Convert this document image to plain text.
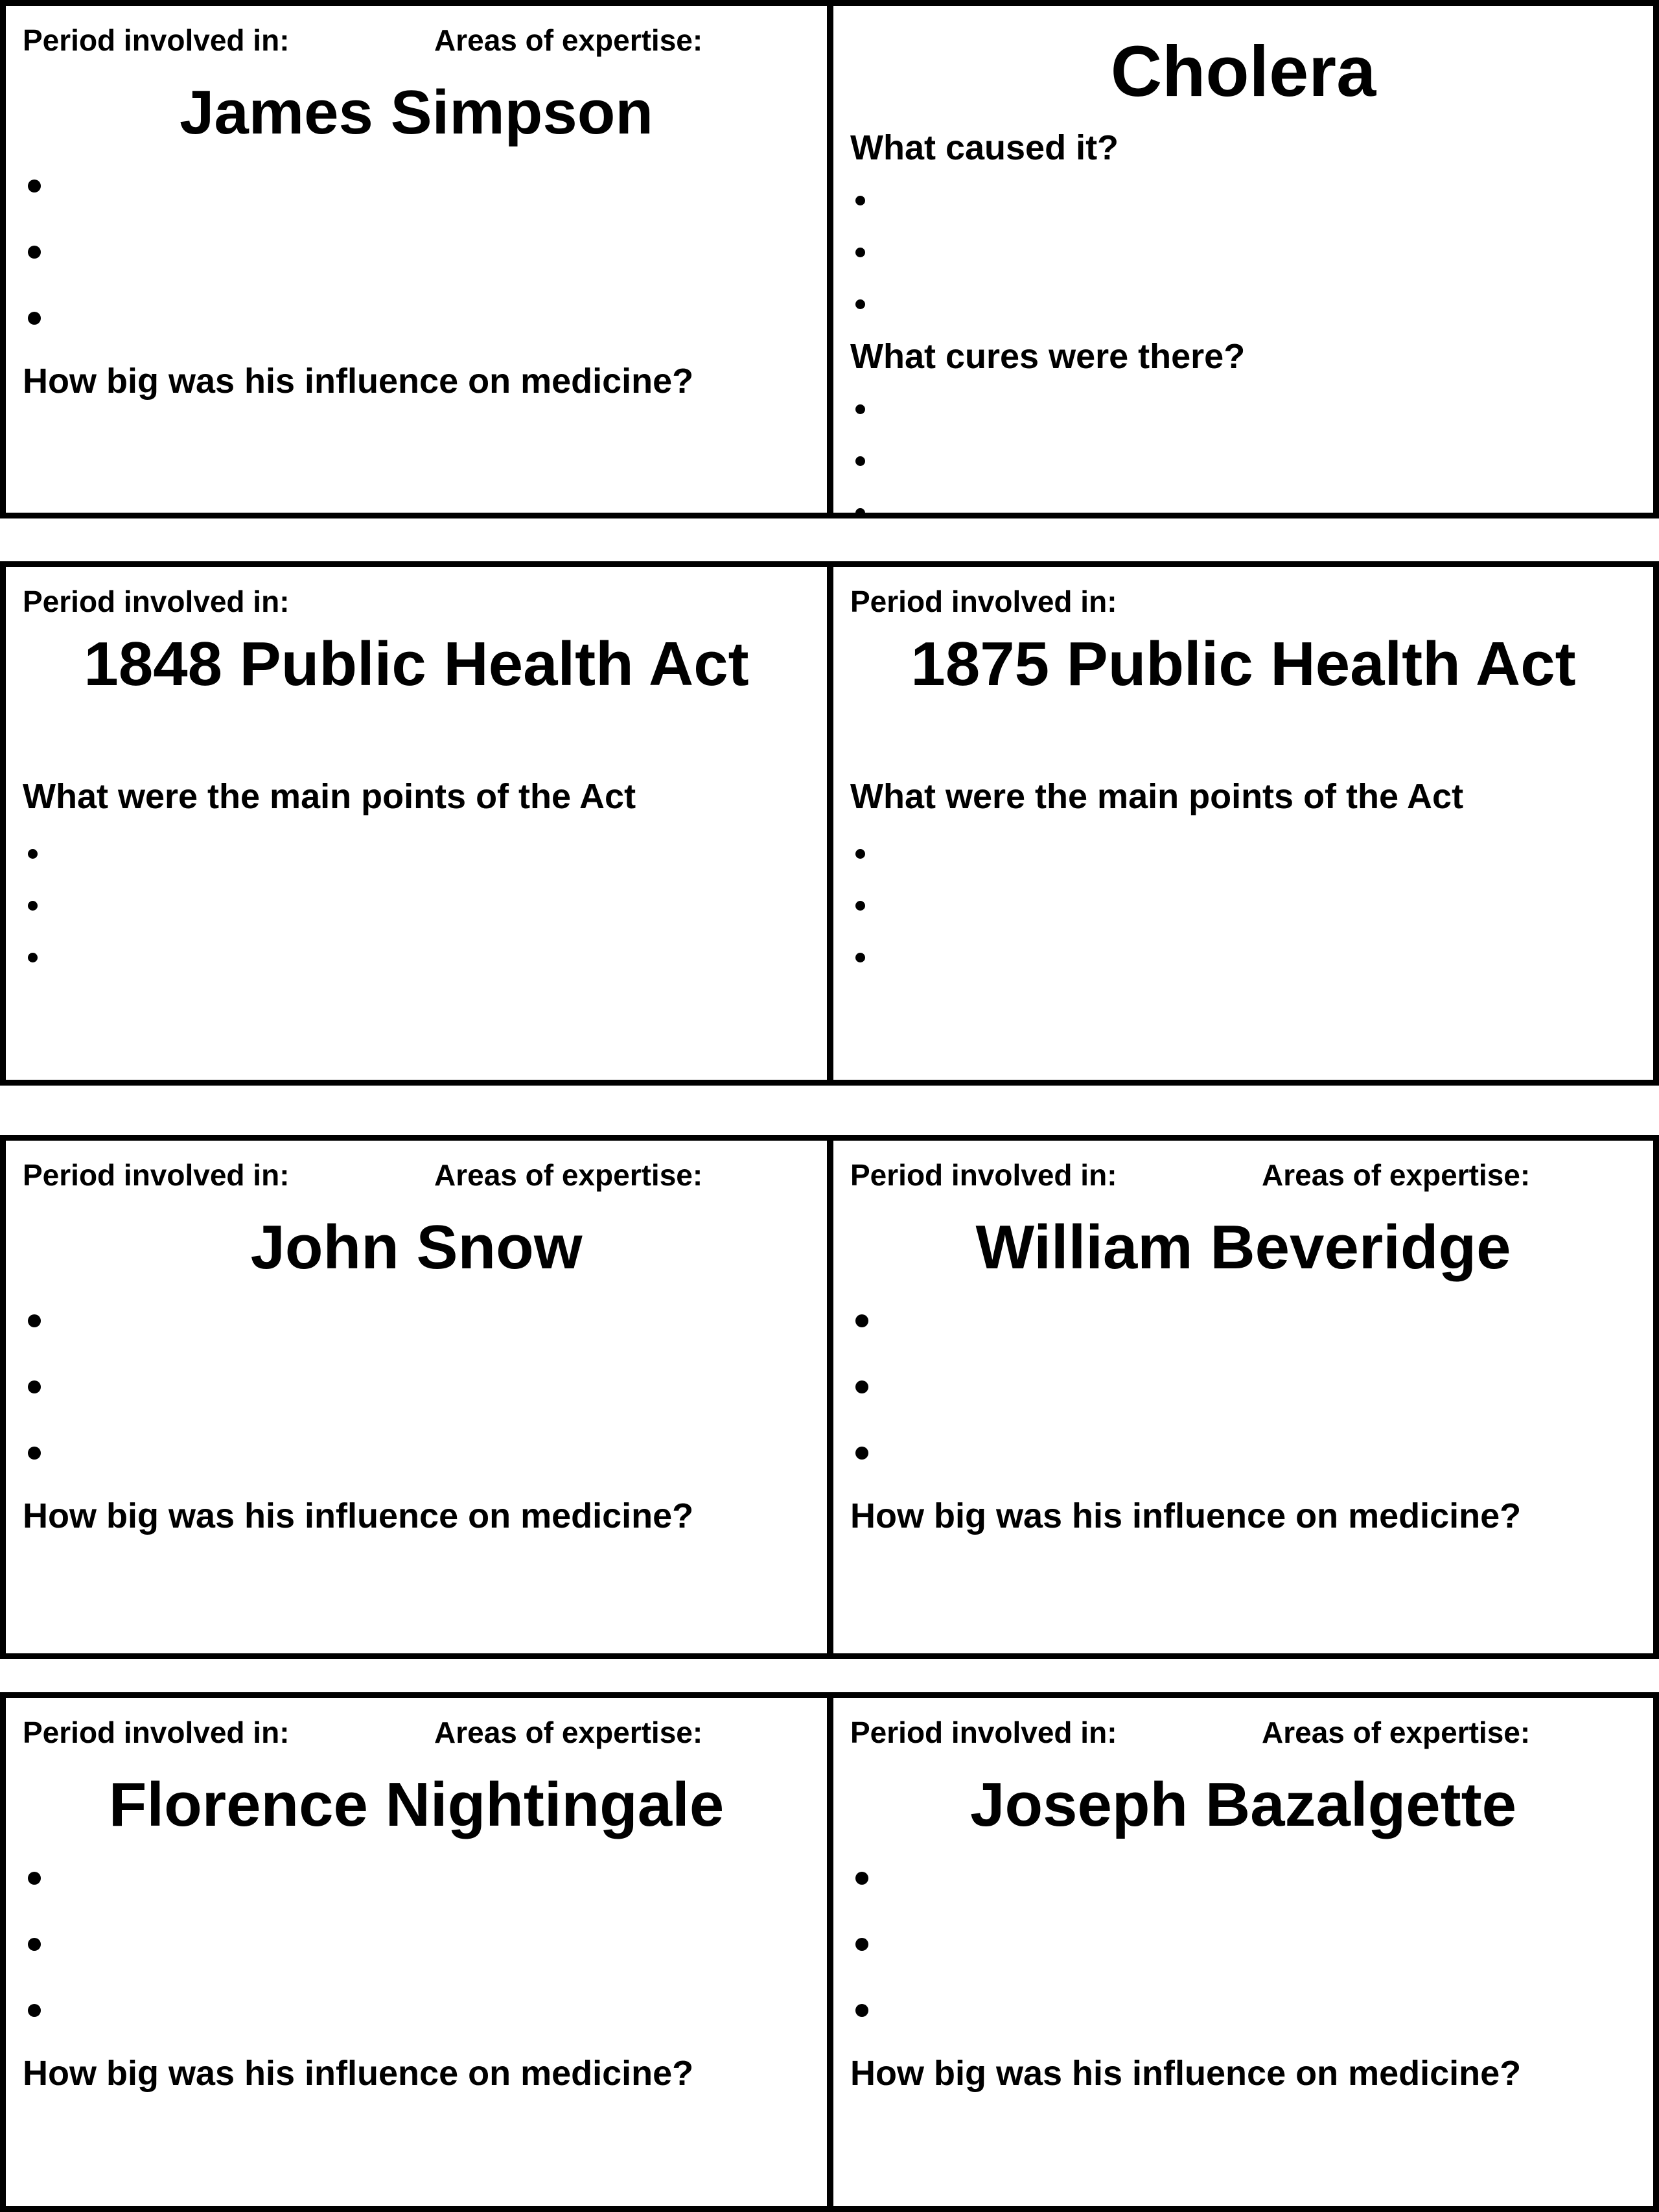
Period involved in:	Areas of expertise:
James Simpson
How big was his influence on medicine?
Cholera
What caused it?
What cures were there?
Period involved in:
1848 Public Health Act
What were the main points of the Act
Period involved in:
1875 Public Health Act
What were the main points of the Act
Period involved in:	Areas of expertise:
John Snow
How big was his influence on medicine?
Period involved in:	Areas of expertise:
William Beveridge
How big was his influence on medicine?
Period involved in:	Areas of expertise:
Florence Nightingale
How big was his influence on medicine?
Period involved in:	Areas of expertise:
Joseph Bazalgette
How big was his influence on medicine?
